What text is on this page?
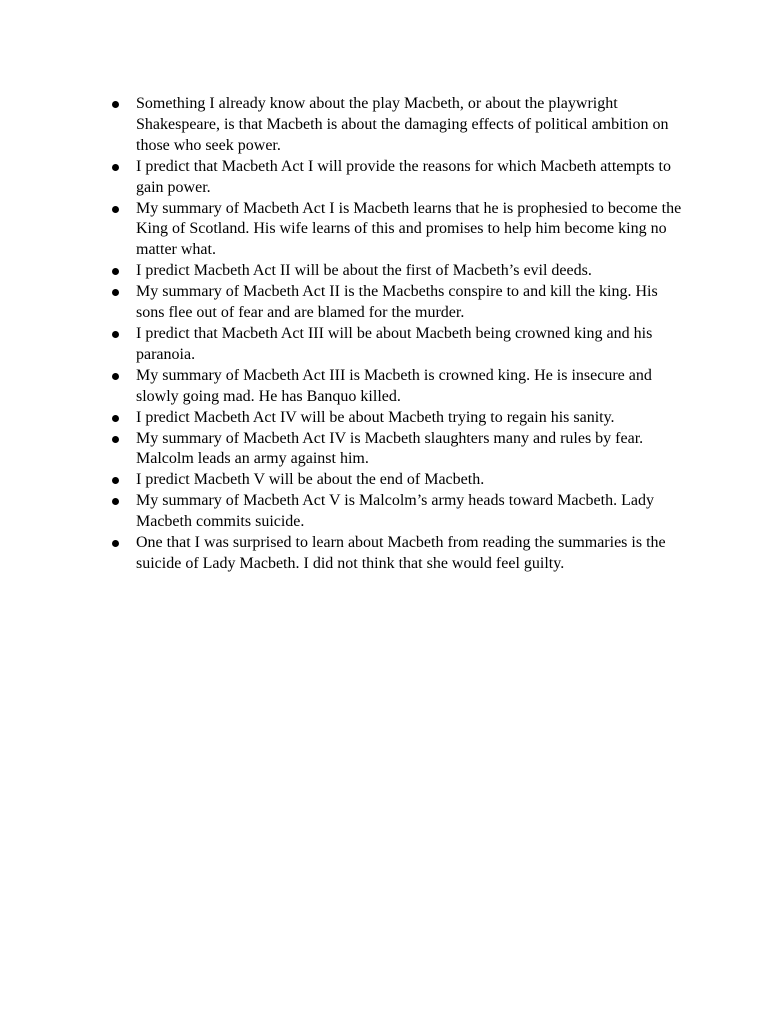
Something I already know about the play Macbeth, or about the playwright Shakespeare, is that Macbeth is about the damaging effects of political ambition on those who seek power.
I predict that Macbeth Act I will provide the reasons for which Macbeth attempts to gain power.
My summary of Macbeth Act I is Macbeth learns that he is prophesied to become the King of Scotland. His wife learns of this and promises to help him become king no matter what.
I predict Macbeth Act II will be about the first of Macbeth’s evil deeds.
My summary of Macbeth Act II is the Macbeths conspire to and kill the king. His sons flee out of fear and are blamed for the murder.
I predict that Macbeth Act III will be about Macbeth being crowned king and his paranoia.
My summary of Macbeth Act III is Macbeth is crowned king. He is insecure and slowly going mad. He has Banquo killed.
I predict Macbeth Act IV will be about Macbeth trying to regain his sanity.
My summary of Macbeth Act IV is Macbeth slaughters many and rules by fear. Malcolm leads an army against him.
I predict Macbeth V will be about the end of Macbeth.
My summary of Macbeth Act V is Malcolm’s army heads toward Macbeth. Lady Macbeth commits suicide.
One that I was surprised to learn about Macbeth from reading the summaries is the suicide of Lady Macbeth. I did not think that she would feel guilty.
